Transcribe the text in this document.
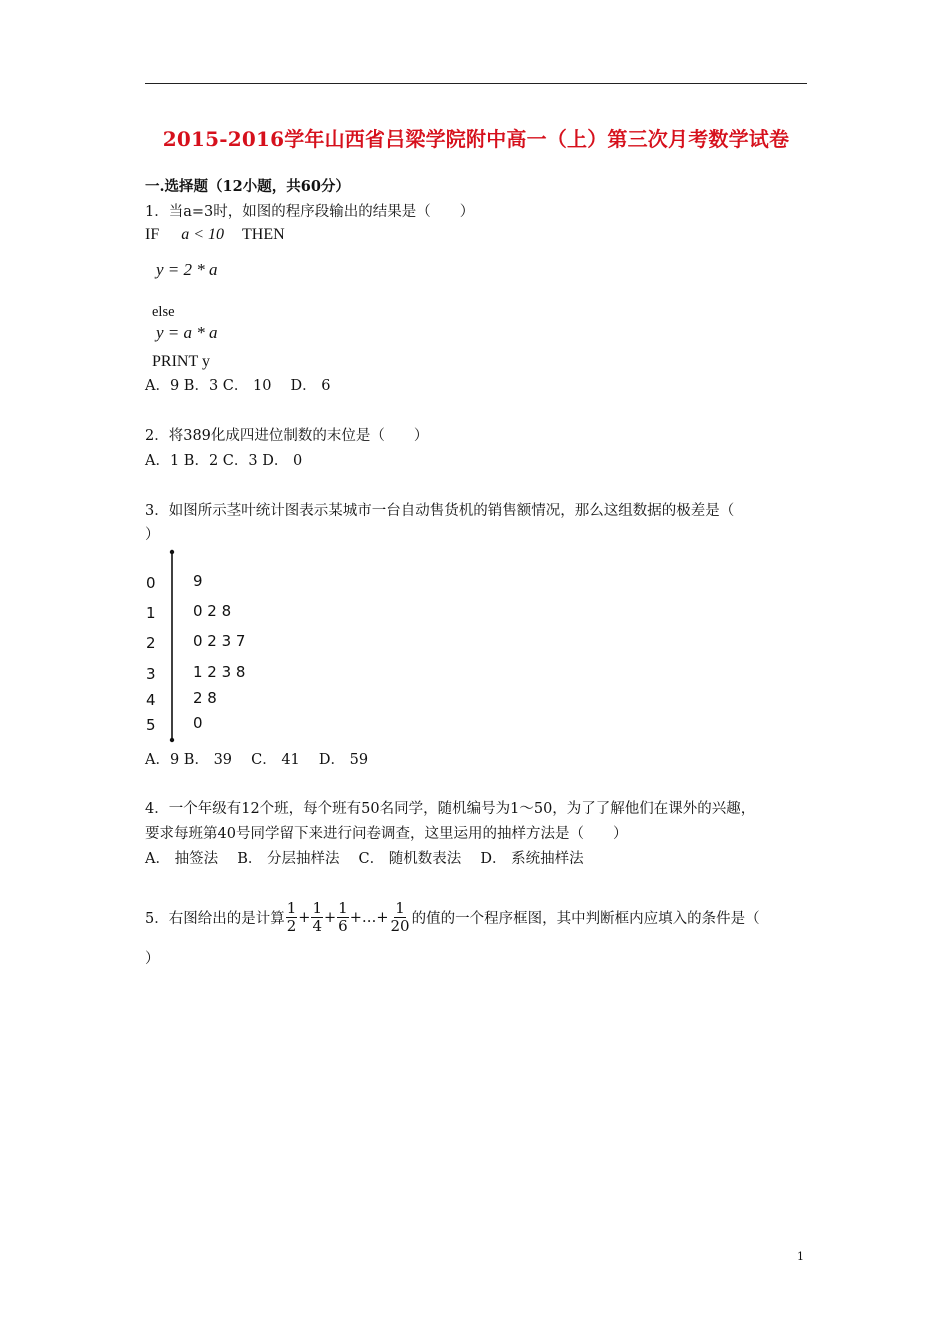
2015-2016学年山西省吕梁学院附中高一（上）第三次月考数学试卷
一.选择题（12小题，共60分）
1．当a=3时，如图的程序段输出的结果是（　　）
IF a < 10 THEN
y = 2 * a
else
y = a * a
PRINT y
A．9 B．3 C． 10　 D． 6
2．将389化成四进位制数的末位是（　　）
A．1 B．2 C．3 D． 0
3．如图所示茎叶统计图表示某城市一台自动售货机的销售额情况，那么这组数据的极差是（
）
0 9
1 0 2 8
2 0 2 3 7
3 1 2 3 8
4 2 8
5 0
A．9 B． 39　 C． 41　 D． 59
4．一个年级有12个班，每个班有50名同学，随机编号为1～50，为了了解他们在课外的兴趣，
要求每班第40号同学留下来进行问卷调查，这里运用的抽样方法是（　　）
A． 抽签法　 B． 分层抽样法　 C． 随机数表法　 D． 系统抽样法
5．右图给出的是计算 $\frac{1}{2} + \frac{1}{4} + \frac{1}{6}$ +…+ $\frac{1}{20}$ 的值的一个程序框图，其中判断框内应填入的条件是（
）
1
